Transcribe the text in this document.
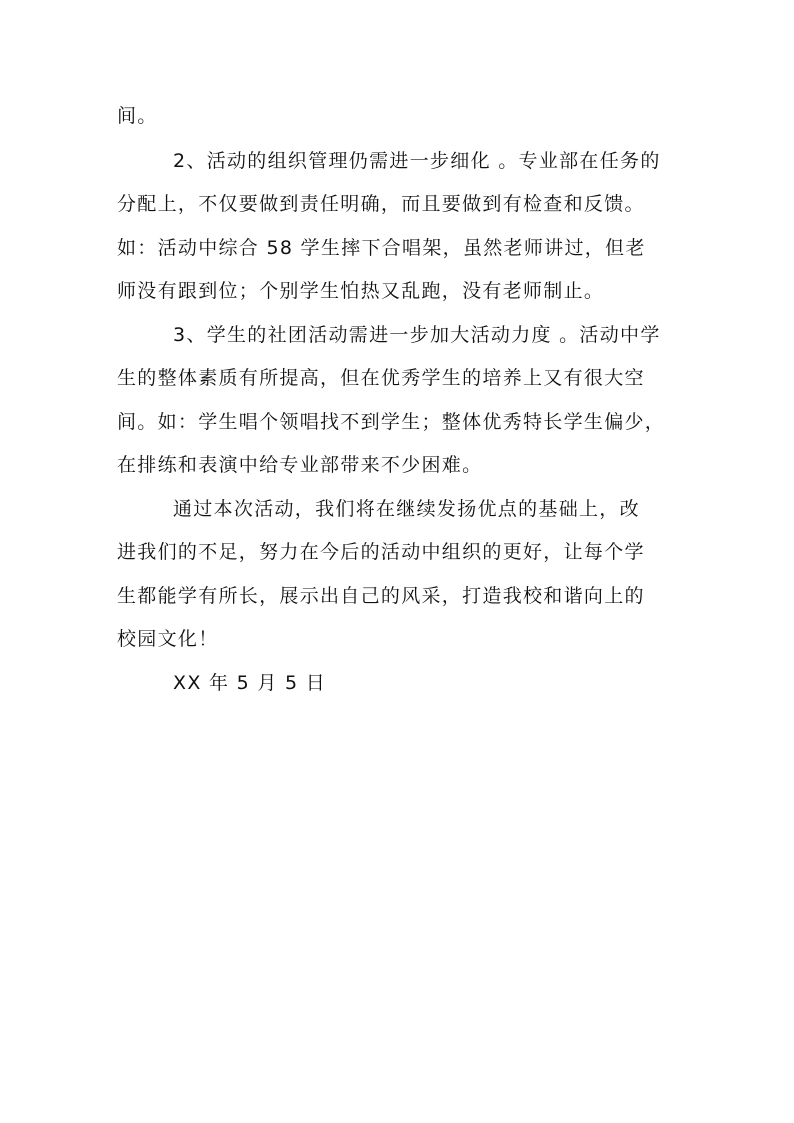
间。
2、活动的组织管理仍需进一步细化 。专业部在任务的
分配上，不仅要做到责任明确，而且要做到有检查和反馈。
如：活动中综合 58 学生摔下合唱架，虽然老师讲过，但老
师没有跟到位；个别学生怕热又乱跑，没有老师制止。
3、学生的社团活动需进一步加大活动力度 。活动中学
生的整体素质有所提高，但在优秀学生的培养上又有很大空
间。如：学生唱个领唱找不到学生；整体优秀特长学生偏少，
在排练和表演中给专业部带来不少困难。
通过本次活动，我们将在继续发扬优点的基础上，改
进我们的不足，努力在今后的活动中组织的更好，让每个学
生都能学有所长，展示出自己的风采，打造我校和谐向上的
校园文化！
XX 年 5 月 5 日
